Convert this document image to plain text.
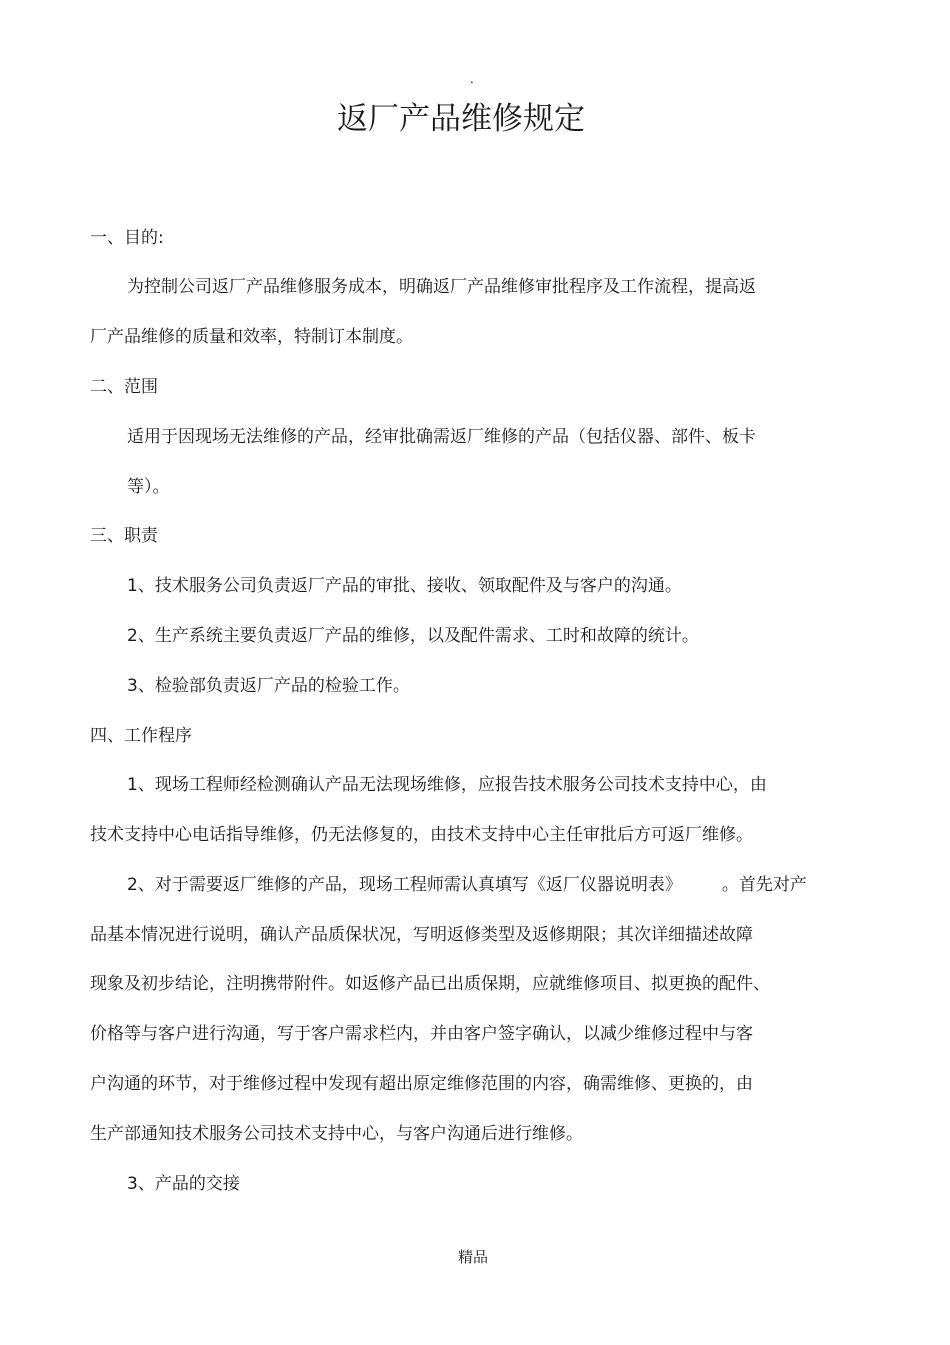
.
返厂产品维修规定
一、目的:
为控制公司返厂产品维修服务成本，明确返厂产品维修审批程序及工作流程，提高返
厂产品维修的质量和效率，特制订本制度。
二、范围
适用于因现场无法维修的产品，经审批确需返厂维修的产品（包括仪器、部件、板卡
等）。
三、职责
1、技术服务公司负责返厂产品的审批、接收、领取配件及与客户的沟通。
2、生产系统主要负责返厂产品的维修，以及配件需求、工时和故障的统计。
3、检验部负责返厂产品的检验工作。
四、工作程序
1、现场工程师经检测确认产品无法现场维修，应报告技术服务公司技术支持中心，由
技术支持中心电话指导维修，仍无法修复的，由技术支持中心主任审批后方可返厂维修。
2、对于需要返厂维修的产品，现场工程师需认真填写《返厂仪器说明表》 。首先对产
品基本情况进行说明，确认产品质保状况，写明返修类型及返修期限；其次详细描述故障
现象及初步结论，注明携带附件。如返修产品已出质保期，应就维修项目、拟更换的配件、
价格等与客户进行沟通，写于客户需求栏内，并由客户签字确认，以减少维修过程中与客
户沟通的环节，对于维修过程中发现有超出原定维修范围的内容，确需维修、更换的，由
生产部通知技术服务公司技术支持中心，与客户沟通后进行维修。
3、产品的交接
精品
